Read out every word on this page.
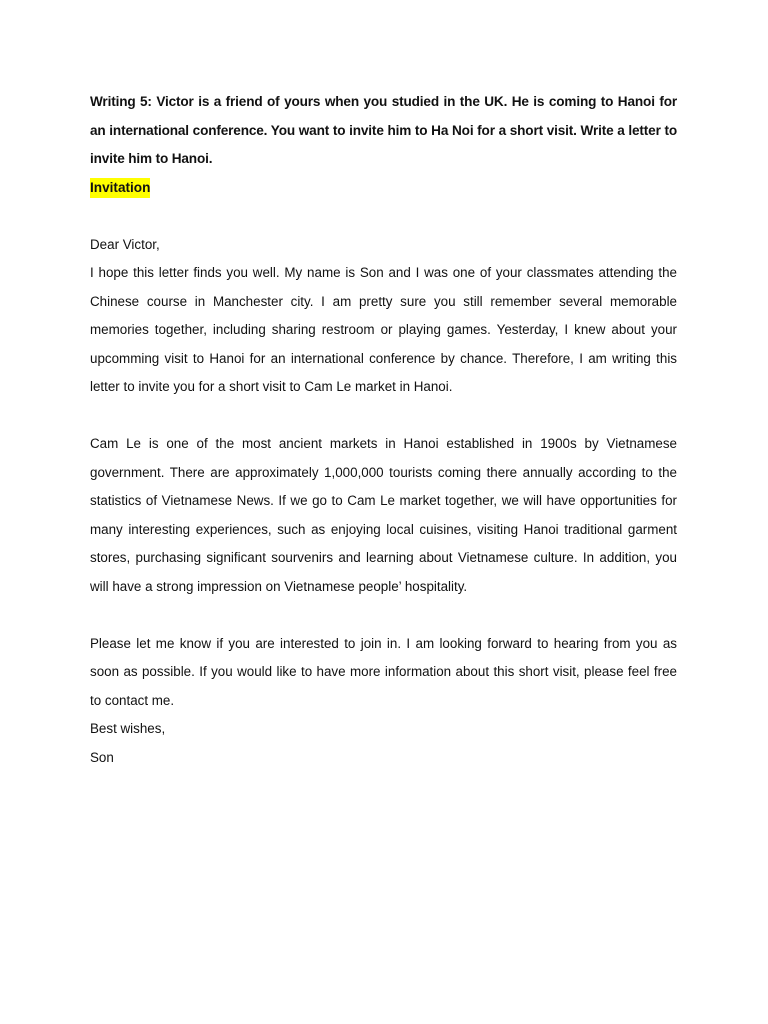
Writing 5: Victor is a friend of yours when you studied in the UK. He is coming to Hanoi for an international conference. You want to invite him to Ha Noi for a short visit. Write a letter to invite him to Hanoi.

Invitation

Dear Victor,

I hope this letter finds you well. My name is Son and I was one of your classmates attending the Chinese course in Manchester city. I am pretty sure you still remember several memorable memories together, including sharing restroom or playing games. Yesterday, I knew about your upcomming visit to Hanoi for an international conference by chance. Therefore, I am writing this letter to invite you for a short visit to Cam Le market in Hanoi.

Cam Le is one of the most ancient markets in Hanoi established in 1900s by Vietnamese government. There are approximately 1,000,000 tourists coming there annually according to the statistics of Vietnamese News. If we go to Cam Le market together, we will have opportunities for many interesting experiences, such as enjoying local cuisines, visiting Hanoi traditional garment stores, purchasing significant sourvenirs and learning about Vietnamese culture. In addition, you will have a strong impression on Vietnamese people’ hospitality.

Please let me know if you are interested to join in. I am looking forward to hearing from you as soon as possible. If you would like to have more information about this short visit, please feel free to contact me.

Best wishes,

Son
